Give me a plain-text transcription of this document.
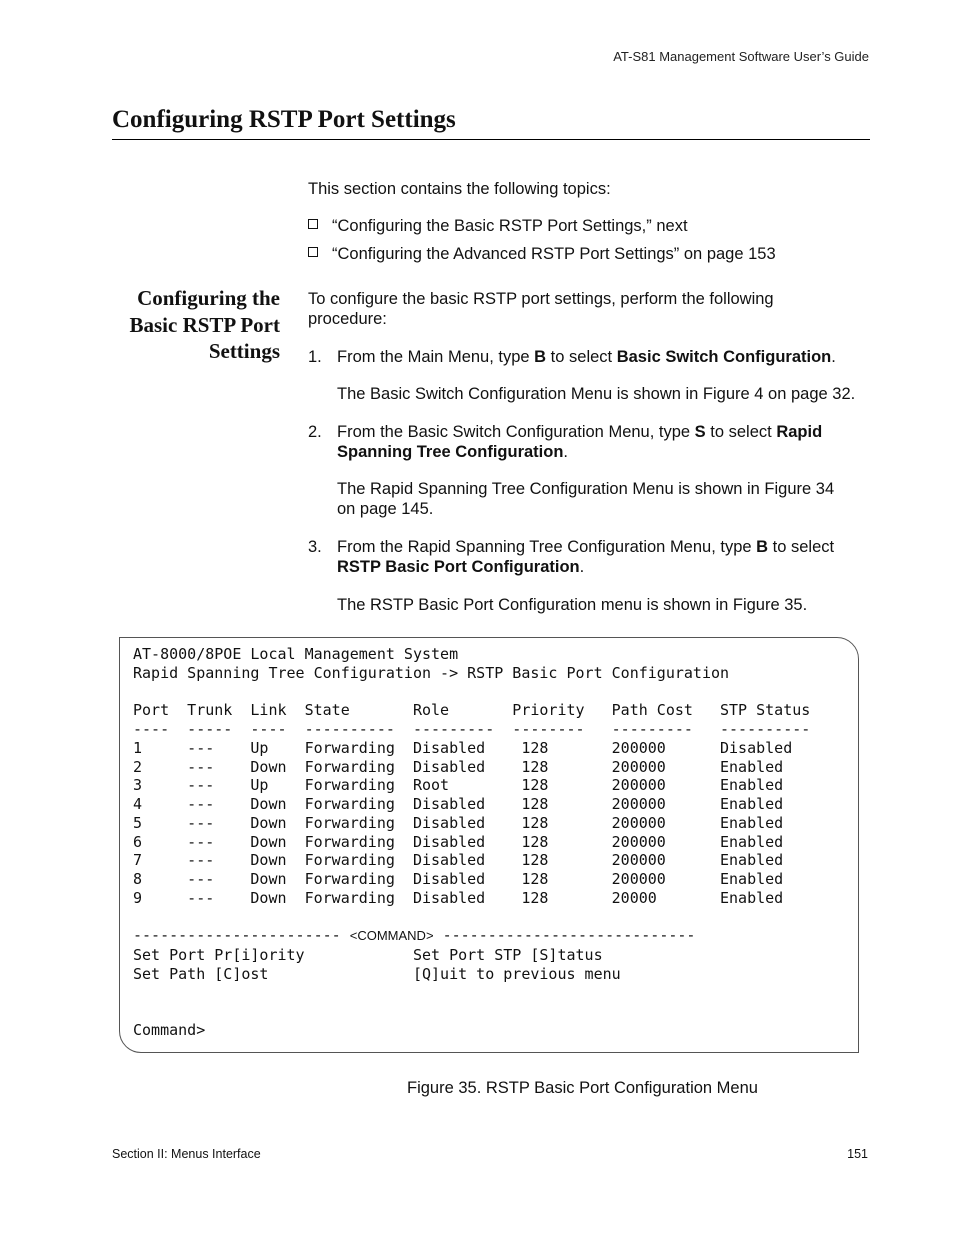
AT-S81 Management Software User’s Guide
Configuring RSTP Port Settings
This section contains the following topics:
“Configuring the Basic RSTP Port Settings,” next
“Configuring the Advanced RSTP Port Settings” on page 153
Configuring the
Basic RSTP Port
Settings
To configure the basic RSTP port settings, perform the following
procedure:
1. From the Main Menu, type B to select Basic Switch Configuration.
The Basic Switch Configuration Menu is shown in Figure 4 on page 32.
2. From the Basic Switch Configuration Menu, type S to select Rapid Spanning Tree Configuration.
The Rapid Spanning Tree Configuration Menu is shown in Figure 34 on page 145.
3. From the Rapid Spanning Tree Configuration Menu, type B to select RSTP Basic Port Configuration.
The RSTP Basic Port Configuration menu is shown in Figure 35.
AT-8000/8POE Local Management System
Rapid Spanning Tree Configuration -> RSTP Basic Port Configuration

Port  Trunk  Link  State       Role       Priority   Path Cost   STP Status
----  -----  ----  ----------  ---------  --------   ---------   ----------
1     ---    Up    Forwarding  Disabled    128       200000      Disabled
2     ---    Down  Forwarding  Disabled    128       200000      Enabled
3     ---    Up    Forwarding  Root        128       200000      Enabled
4     ---    Down  Forwarding  Disabled    128       200000      Enabled
5     ---    Down  Forwarding  Disabled    128       200000      Enabled
6     ---    Down  Forwarding  Disabled    128       200000      Enabled
7     ---    Down  Forwarding  Disabled    128       200000      Enabled
8     ---    Down  Forwarding  Disabled    128       200000      Enabled
9     ---    Down  Forwarding  Disabled    128       20000       Enabled

----------------------- <COMMAND> ----------------------------
Set Port Pr[i]ority            Set Port STP [S]tatus
Set Path [C]ost                [Q]uit to previous menu

Command>
Figure 35. RSTP Basic Port Configuration Menu
Section II: Menus Interface	151
